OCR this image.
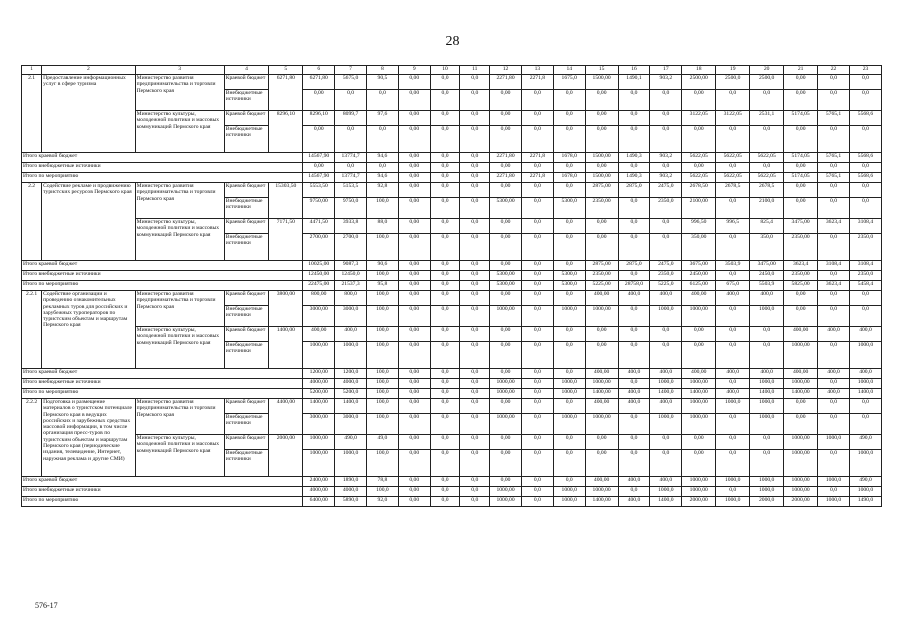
28
1	2	3	4	5	6	7	8	9	10	11	12	13	14	15	16	17	18	19	20	21	22	23
2.1	Предоставление информационных услуг в сфере туризма	Министерство развития предпринимательства и торговли Пермского края	Краевой бюджет	6271,80	6271,80	5675,0	90,5	0,00	0,0	0,0	2271,80	2271,8	1675,0	1500,00	1490,1	903,2	2500,00	2500,0	2500,0	0,00	0,0	0,0
			Внебюджетные источники		0,00	0,0	0,0	0,00	0,0	0,0	0,00	0,0	0,0	0,00	0,0	0,0	0,00	0,0	0,0	0,00	0,0	0,0
		Министерство культуры, молодежной политики и массовых коммуникаций Пермского края	Краевой бюджет	8296,10	8296,10	8099,7	97,6	0,00	0,0	0,0	0,00	0,0	0,0	0,00	0,0	0,0	3122,05	3122,05	2531,1	5174,05	5765,1	5568,6
			Внебюджетные источники		0,00	0,0	0,0	0,00	0,0	0,0	0,00	0,0	0,0	0,00	0,0	0,0	0,00	0,0	0,0	0,00	0,0	0,0
Итого краевой бюджет					14567,90	13774,7	94,6	0,00	0,0	0,0	2271,80	2271,8	1678,0	1500,00	1490,3	903,2	5622,05	5622,05	5622,05	5174,05	5765,1	5568,6
Итого внебюджетные источники					0,00	0,0	0,0	0,00	0,0	0,0	0,00	0,0	0,0	0,00	0,0	0,0	0,00	0,0	0,0	0,00	0,0	0,0
Итого по мероприятию					14567,90	13774,7	94,6	0,00	0,0	0,0	2271,80	2271,8	1678,0	1500,00	1490,3	903,2	5622,05	5622,05	5622,05	5174,05	5765,1	5568,6
2.2	Содействие рекламе и продвижению туристских ресурсов Пермского края	Министерство развития предпринимательства и торговли Пермского края	Краевой бюджет	15303,50	5553,50	5153,5	92,8	0,00	0,0	0,0	0,00	0,0	0,0	2875,00	2875,0	2475,0	2678,50	2678,5	2678,5	0,00	0,0	0,0
			Внебюджетные источники		9750,00	9750,0	100,0	0,00	0,0	0,0	5300,00	0,0	5300,0	2350,00	0,0	2350,0	2100,00	0,0	2100,0	0,00	0,0	0,0
		Министерство культуры, молодежной политики и массовых коммуникаций Пермского края	Краевой бюджет	7171,50	4471,50	3933,8	88,0	0,00	0,0	0,0	0,00	0,0	0,0	0,00	0,0	0,0	996,50	996,5	825,4	3475,00	3623,4	3108,4
			Внебюджетные источники		2700,00	2700,0	100,0	0,00	0,0	0,0	0,00	0,0	0,0	0,00	0,0	0,0	350,00	0,0	350,0	2350,00	0,0	2350,0
Итого краевой бюджет					10025,00	9087,3	90,6	0,00	0,0	0,0	0,00	0,0	0,0	2875,00	2875,0	2475,0	3675,00	3503,9	3475,00	3623,4	3108,4	3108,4
Итого внебюджетные источники					12450,00	12450,0	100,0	0,00	0,0	0,0	5300,00	0,0	5300,0	2350,00	0,0	2350,0	2450,00	0,0	2450,0	2350,00	0,0	2350,0
Итого по мероприятию					22475,00	21537,3	95,8	0,00	0,0	0,0	5300,00	0,0	5300,0	5225,00	28758,0	5225,0	6125,00	675,0	5503,9	5825,00	3623,4	5458,4
2.2.1	Содействие организации и проведению ознакомительных рекламных туров для российских и зарубежных туроператоров по туристским объектам и маршрутам Пермского края	Министерство развития предпринимательства и торговли Пермского края	Краевой бюджет	3800,00	800,00	800,0	100,0	0,00	0,0	0,0	0,00	0,0	0,0	400,00	400,0	400,0	400,00	400,0	400,0	0,00	0,0	0,0
			Внебюджетные источники		3000,00	3000,0	100,0	0,00	0,0	0,0	1000,00	0,0	1000,0	1000,00	0,0	1000,0	1000,00	0,0	1000,0	0,00	0,0	0,0
		Министерство культуры, молодежной политики и массовых коммуникаций Пермского края	Краевой бюджет	1400,00	400,00	400,0	100,0	0,00	0,0	0,0	0,00	0,0	0,0	0,00	0,0	0,0	0,00	0,0	0,0	400,00	400,0	400,0
			Внебюджетные источники		1000,00	1000,0	100,0	0,00	0,0	0,0	0,00	0,0	0,0	0,00	0,0	0,0	0,00	0,0	0,0	1000,00	0,0	1000,0
Итого краевой бюджет					1200,00	1200,0	100,0	0,00	0,0	0,0	0,00	0,0	0,0	400,00	400,0	400,0	400,00	400,0	400,0	400,00	400,0	400,0
Итого внебюджетные источники					4000,00	4000,0	100,0	0,00	0,0	0,0	1000,00	0,0	1000,0	1000,00	0,0	1000,0	1000,00	0,0	1000,0	1000,00	0,0	1000,0
Итого по мероприятию					5200,00	5200,0	100,0	0,00	0,0	0,0	1000,00	0,0	1000,0	1400,00	400,0	1400,0	1400,00	400,0	1400,0	1400,00	400,0	1400,0
2.2.2	Подготовка и размещение материалов о туристском потенциале Пермского края в ведущих российских и зарубежных средствах массовой информации, в том числе организация пресс-туров по туристским объектам и маршрутам Пермского края (периодические издания, телевидение, Интернет, наружная реклама и другие СМИ)	Министерство развития предпринимательства и торговли Пермского края	Краевой бюджет	4400,00	1400,00	1400,0	100,0	0,00	0,0	0,0	0,00	0,0	0,0	400,00	400,0	400,0	1000,00	1000,0	1000,0	0,00	0,0	0,0
			Внебюджетные источники		3000,00	3000,0	100,0	0,00	0,0	0,0	1000,00	0,0	1000,0	1000,00	0,0	1000,0	1000,00	0,0	1000,0	0,00	0,0	0,0
		Министерство культуры, молодежной политики и массовых коммуникаций Пермского края	Краевой бюджет	2000,00	1000,00	490,0	49,0	0,00	0,0	0,0	0,00	0,0	0,0	0,00	0,0	0,0	0,00	0,0	0,0	1000,00	1000,0	490,0
			Внебюджетные источники		1000,00	1000,0	100,0	0,00	0,0	0,0	0,00	0,0	0,0	0,00	0,0	0,0	0,00	0,0	0,0	1000,00	0,0	1000,0
Итого краевой бюджет					2400,00	1890,0	78,8	0,00	0,0	0,0	0,00	0,0	0,0	400,00	400,0	400,0	1000,00	1000,0	1000,0	1000,00	1000,0	490,0
Итого внебюджетные источники					4000,00	4000,0	100,0	0,00	0,0	0,0	1000,00	0,0	1000,0	1000,00	0,0	1000,0	1000,00	0,0	1000,0	1000,00	0,0	1000,0
Итого по мероприятию					6400,00	5890,0	92,0	0,00	0,0	0,0	1000,00	0,0	1000,0	1400,00	400,0	1400,0	2000,00	1000,0	2000,0	2000,00	1000,0	1490,0
576-17
